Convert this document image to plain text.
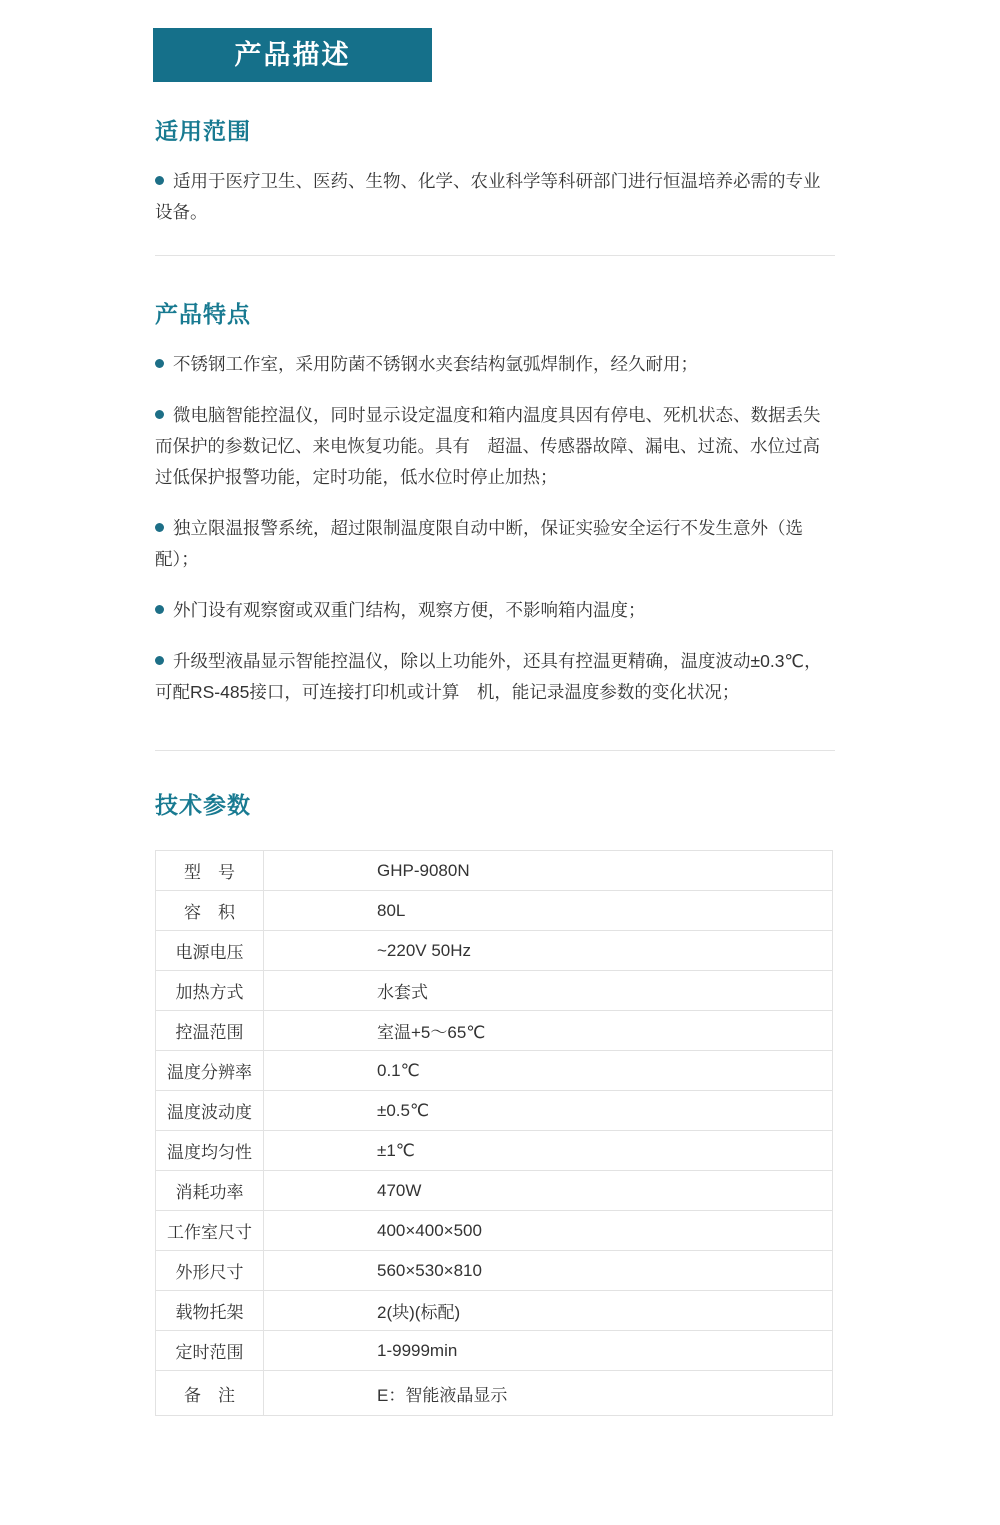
产品描述
适用范围

适用于医疗卫生、医药、生物、化学、农业科学等科研部门进行恒温培养必需的专业设备。

产品特点

不锈钢工作室，采用防菌不锈钢水夹套结构氩弧焊制作，经久耐用；

微电脑智能控温仪，同时显示设定温度和箱内温度具因有停电、死机状态、数据丢失而保护的参数记忆、来电恢复功能。具有　超温、传感器故障、漏电、过流、水位过高过低保护报警功能，定时功能，低水位时停止加热；

独立限温报警系统，超过限制温度限自动中断，保证实验安全运行不发生意外（选配）；

外门设有观察窗或双重门结构，观察方便，不影响箱内温度；

升级型液晶显示智能控温仪，除以上功能外，还具有控温更精确，温度波动±0.3℃，可配RS-485接口，可连接打印机或计算　机，能记录温度参数的变化状况；

技术参数
型　号	GHP-9080N
容　积	80L
电源电压	~220V 50Hz
加热方式	水套式
控温范围	室温+5～65℃
温度分辨率	0.1℃
温度波动度	±0.5℃
温度均匀性	±1℃
消耗功率	470W
工作室尺寸	400×400×500
外形尺寸	560×530×810
载物托架	2(块)(标配)
定时范围	1-9999min
备　注	E：智能液晶显示
